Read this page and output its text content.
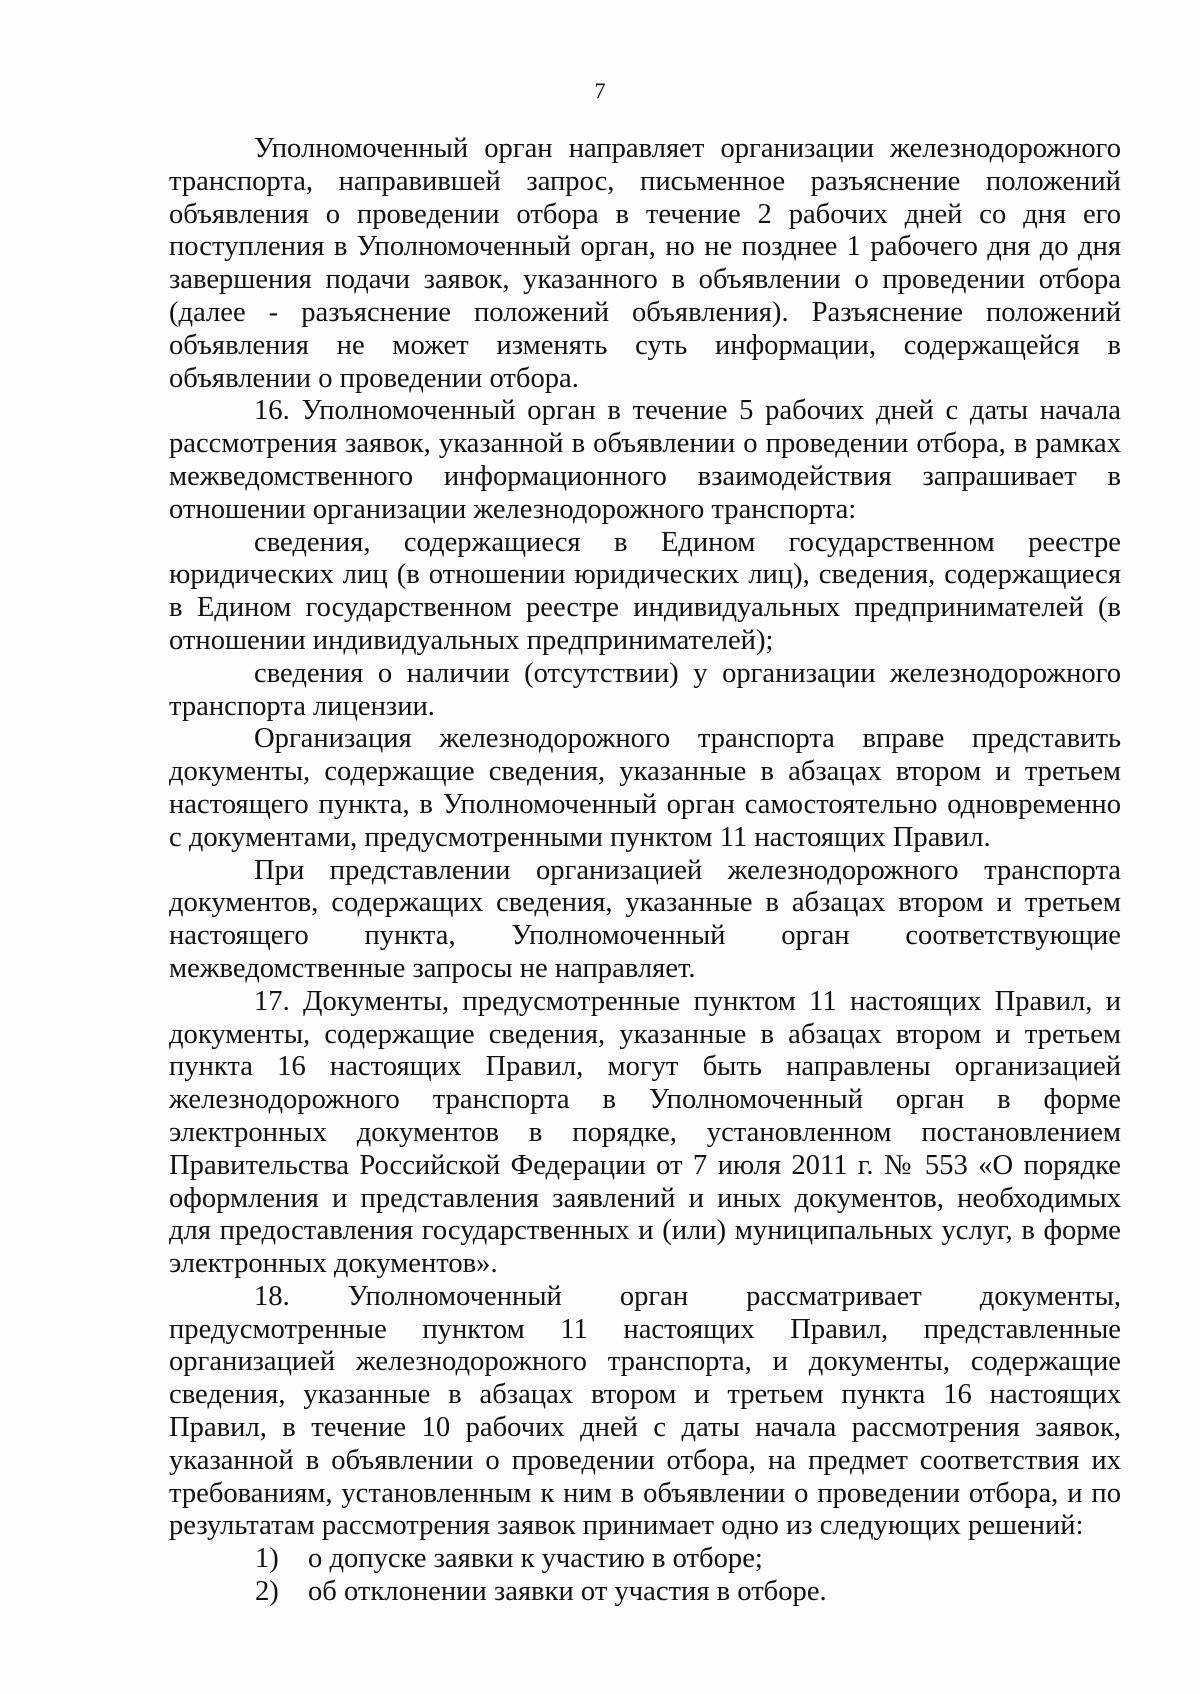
7

Уполномоченный орган направляет организации железнодорожного транспорта, направившей запрос, письменное разъяснение положений объявления о проведении отбора в течение 2 рабочих дней со дня его поступления в Уполномоченный орган, но не позднее 1 рабочего дня до дня завершения подачи заявок, указанного в объявлении о проведении отбора (далее - разъяснение положений объявления). Разъяснение положений объявления не может изменять суть информации, содержащейся в объявлении о проведении отбора.

16. Уполномоченный орган в течение 5 рабочих дней с даты начала рассмотрения заявок, указанной в объявлении о проведении отбора, в рамках межведомственного информационного взаимодействия запрашивает в отношении организации железнодорожного транспорта:

сведения, содержащиеся в Едином государственном реестре юридических лиц (в отношении юридических лиц), сведения, содержащиеся в Едином государственном реестре индивидуальных предпринимателей (в отношении индивидуальных предпринимателей);

сведения о наличии (отсутствии) у организации железнодорожного транспорта лицензии.

Организация железнодорожного транспорта вправе представить документы, содержащие сведения, указанные в абзацах втором и третьем настоящего пункта, в Уполномоченный орган самостоятельно одновременно с документами, предусмотренными пунктом 11 настоящих Правил.

При представлении организацией железнодорожного транспорта документов, содержащих сведения, указанные в абзацах втором и третьем настоящего пункта, Уполномоченный орган соответствующие межведомственные запросы не направляет.

17. Документы, предусмотренные пунктом 11 настоящих Правил, и документы, содержащие сведения, указанные в абзацах втором и третьем пункта 16 настоящих Правил, могут быть направлены организацией железнодорожного транспорта в Уполномоченный орган в форме электронных документов в порядке, установленном постановлением Правительства Российской Федерации от 7 июля 2011 г. № 553 «О порядке оформления и представления заявлений и иных документов, необходимых для предоставления государственных и (или) муниципальных услуг, в форме электронных документов».

18. Уполномоченный орган рассматривает документы, предусмотренные пунктом 11 настоящих Правил, представленные организацией железнодорожного транспорта, и документы, содержащие сведения, указанные в абзацах втором и третьем пункта 16 настоящих Правил, в течение 10 рабочих дней с даты начала рассмотрения заявок, указанной в объявлении о проведении отбора, на предмет соответствия их требованиям, установленным к ним в объявлении о проведении отбора, и по результатам рассмотрения заявок принимает одно из следующих решений:

1) о допуске заявки к участию в отборе;

2) об отклонении заявки от участия в отборе.
